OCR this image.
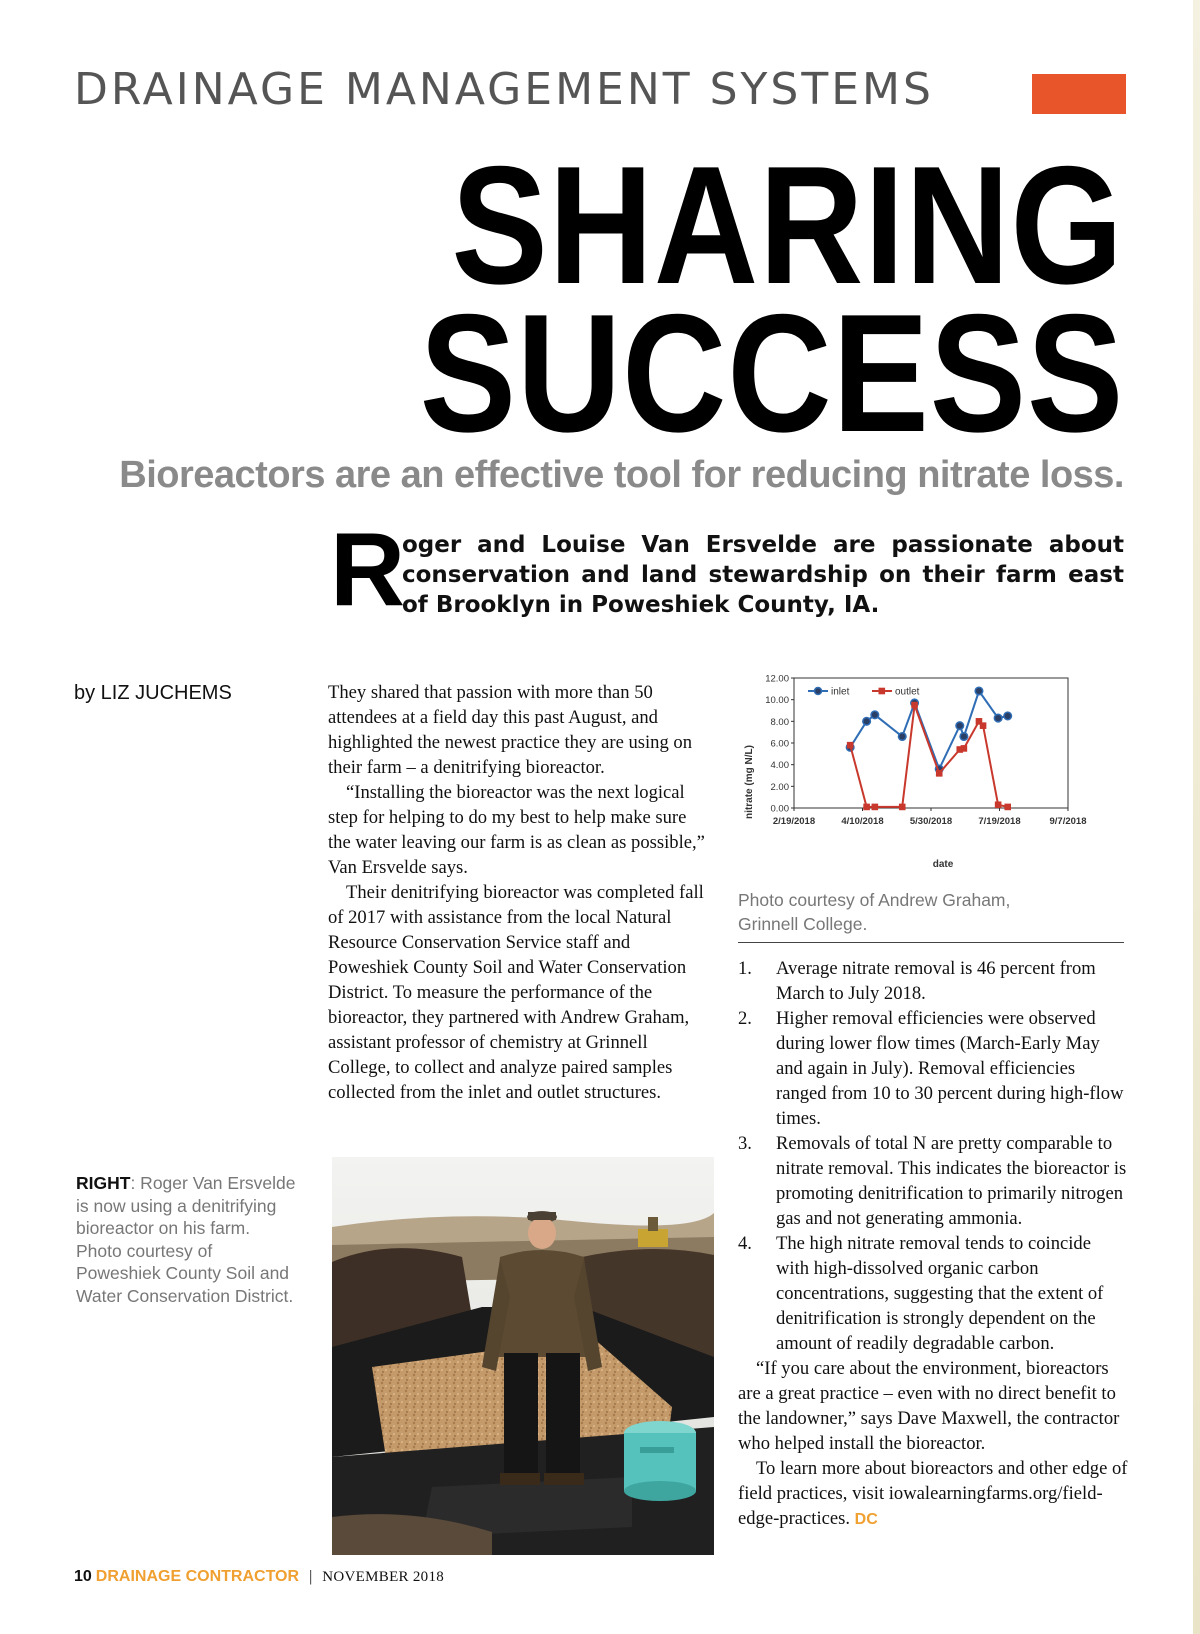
DRAINAGE MANAGEMENT SYSTEMS
SHARING
SUCCESS
Bioreactors are an effective tool for reducing nitrate loss.
R
oger and Louise Van Ersvelde are passionate about conservation and land stewardship on their farm east of Brooklyn in Poweshiek County, IA.
by LIZ JUCHEMS	They shared that passion with more than 50 attendees at a field day this past August, and highlighted the newest practice they are using on their farm – a denitrifying bioreactor.

“Installing the bioreactor was the next logical step for helping to do my best to help make sure the water leaving our farm is as clean as possible,” Van Ersvelde says.

Their denitrifying bioreactor was completed fall of 2017 with assistance from the local Natural Resource Conservation Service staff and Poweshiek County Soil and Water Conservation District. To measure the performance of the bioreactor, they partnered with Andrew Graham, assistant professor of chemistry at Grinnell College, to collect and analyze paired samples collected from the inlet and outlet structures.

RIGHT: Roger Van Ersvelde is now using a denitrifying bioreactor on his farm. Photo courtesy of Poweshiek County Soil and Water Conservation District.
0.00
2.00
4.00
6.00
8.00
10.00
12.00
2/19/2018	4/10/2018	5/30/2018	7/19/2018	9/7/2018
inlet	outlet
nitrate (mg N/L)
date
Photo courtesy of Andrew Graham, Grinnell College.
1. Average nitrate removal is 46 percent from March to July 2018.
2. Higher removal efficiencies were observed during lower flow times (March-Early May and again in July). Removal efficiencies ranged from 10 to 30 percent during high-flow times.
3. Removals of total N are pretty comparable to nitrate removal. This indicates the bioreactor is promoting denitrification to primarily nitrogen gas and not generating ammonia.
4. The high nitrate removal tends to coincide with high-dissolved organic carbon concentrations, suggesting that the extent of denitrification is strongly dependent on the amount of readily degradable carbon.

“If you care about the environment, bioreactors are a great practice – even with no direct benefit to the landowner,” says Dave Maxwell, the contractor who helped install the bioreactor.

To learn more about bioreactors and other edge of field practices, visit iowalearningfarms.org/field-edge-practices. DC

10 DRAINAGE CONTRACTOR | NOVEMBER 2018
